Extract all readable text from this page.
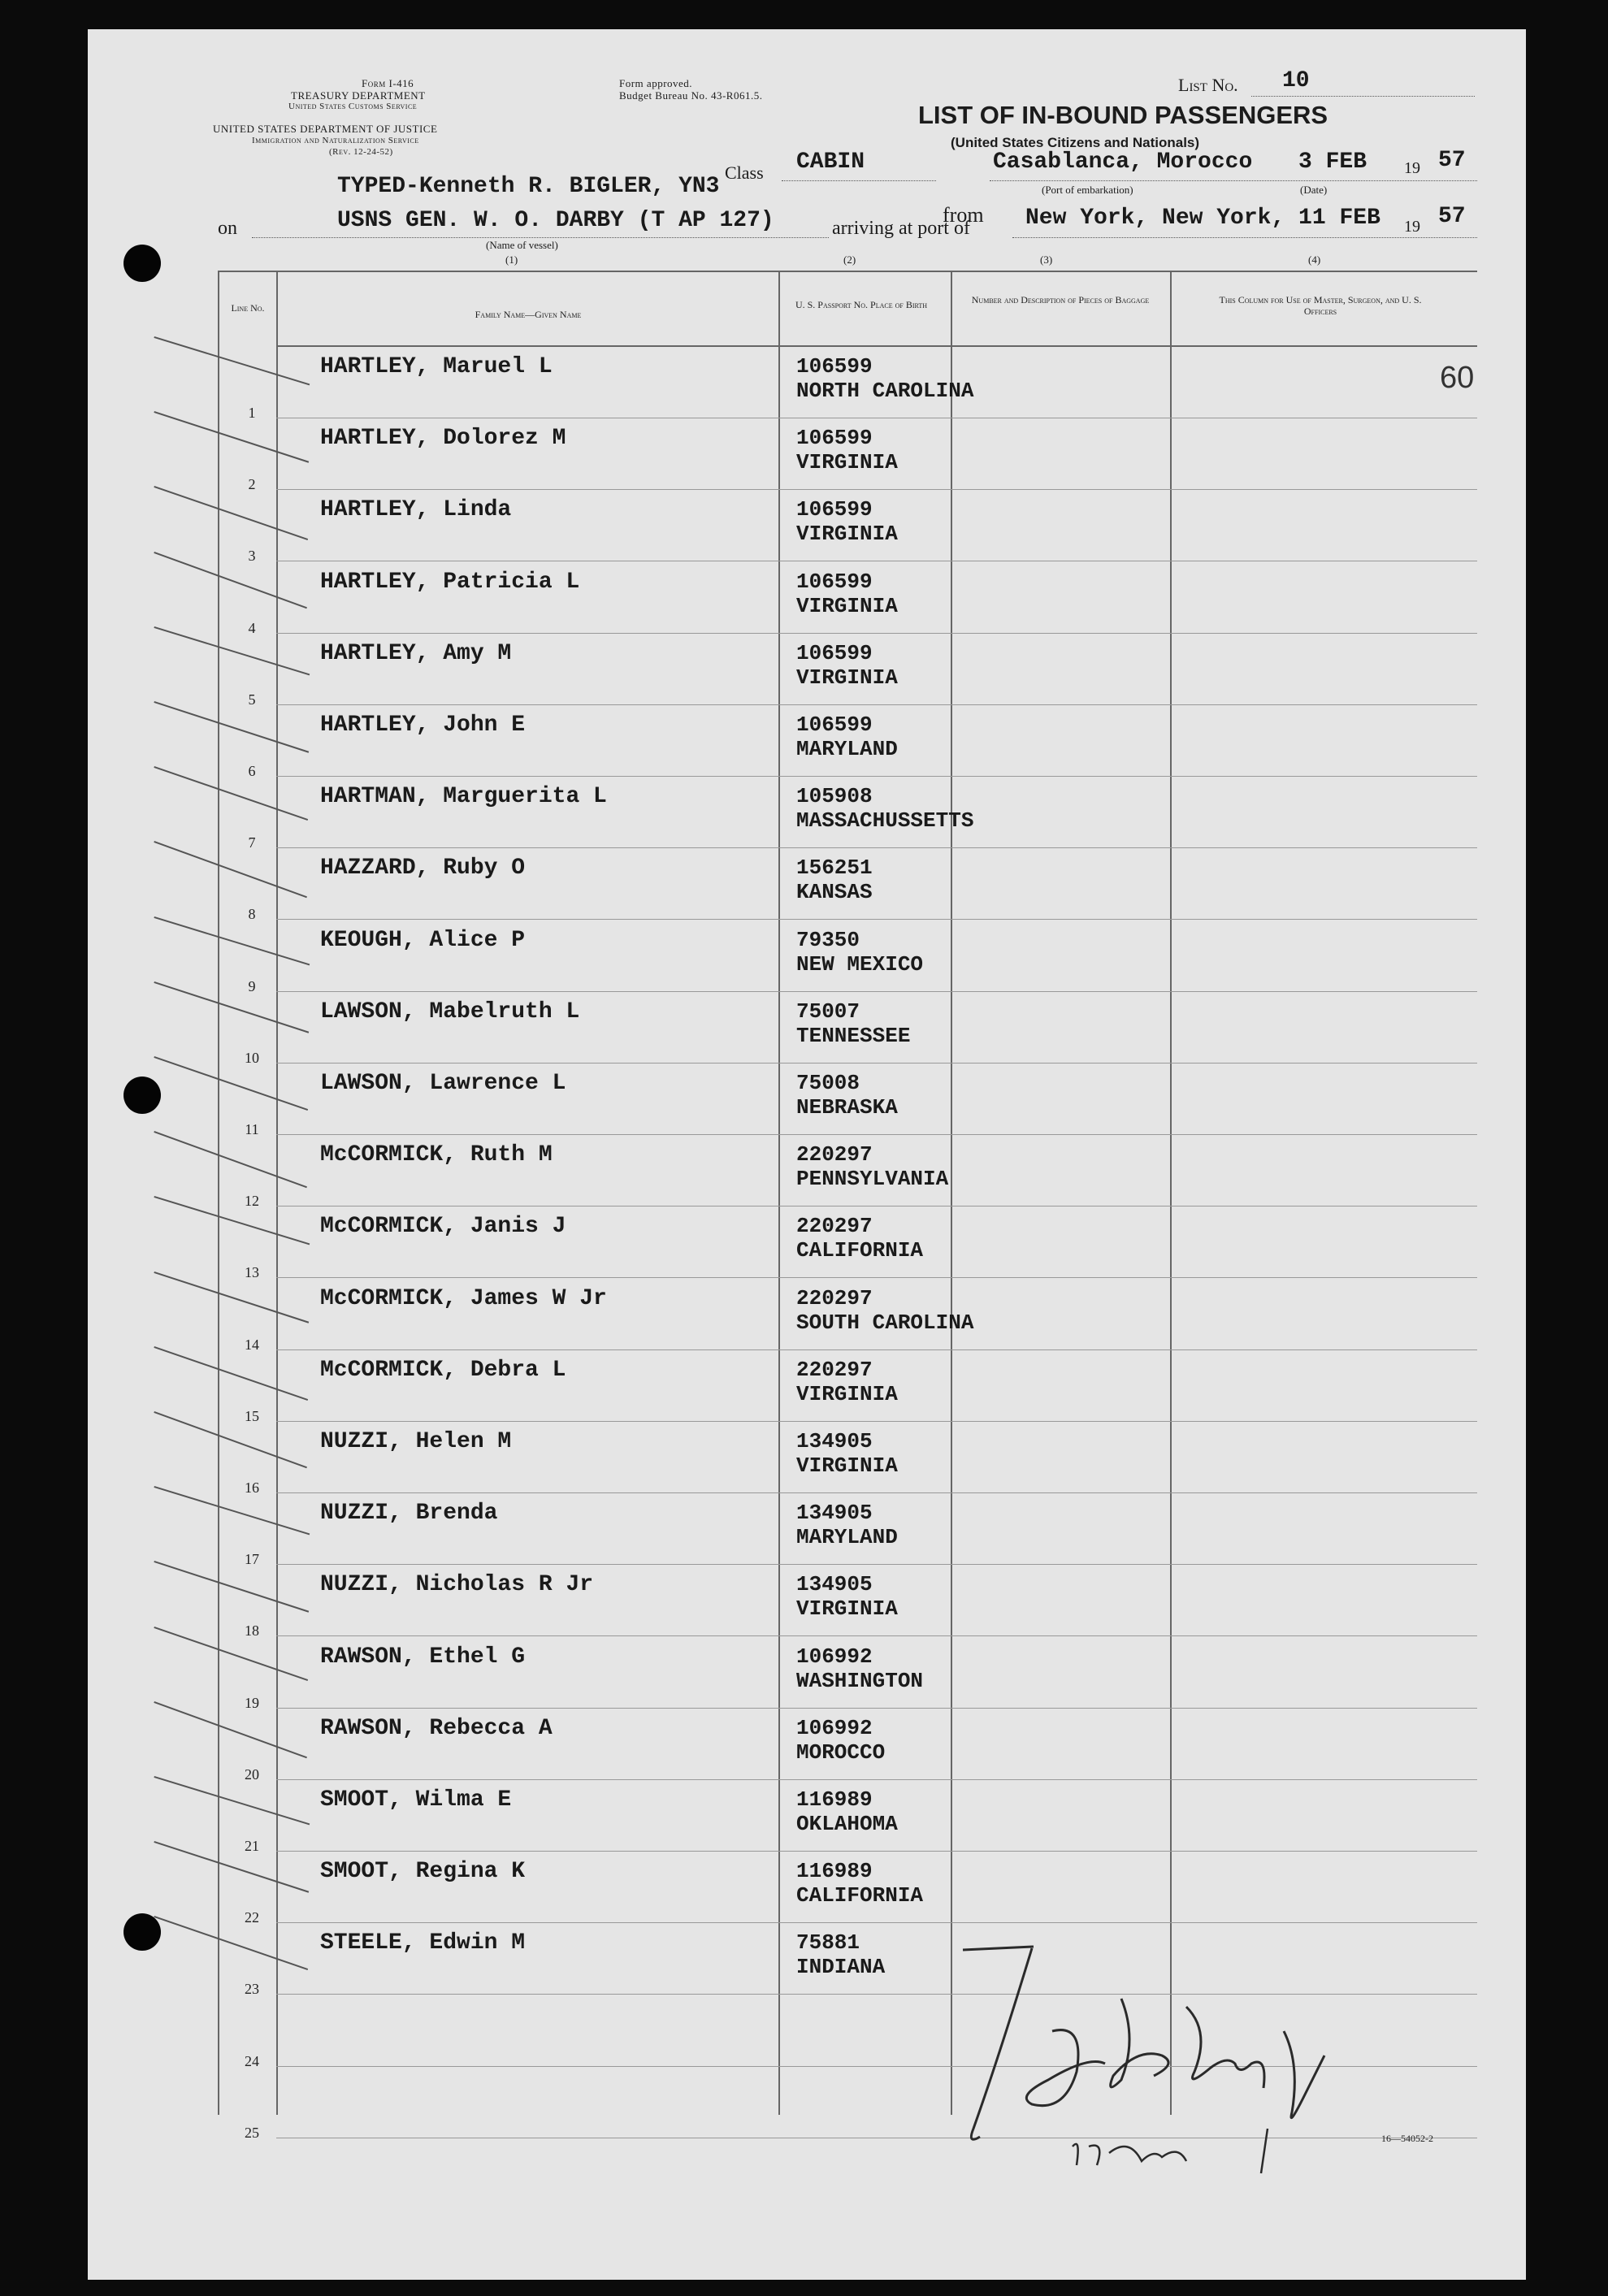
Form I-416
TREASURY DEPARTMENT
United States Customs Service
UNITED STATES DEPARTMENT OF JUSTICE
Immigration and Naturalization Service
(Rev. 12-24-52)
Form approved.
Budget Bureau No. 43-R061.5.
List No. 10
LIST OF IN-BOUND PASSENGERS
(United States Citizens and Nationals)
TYPED-Kenneth R. BIGLER, YN3
Class CABIN
from
Casablanca, Morocco 3 FEB 19 57
(Port of embarkation)	(Date)
on	USNS GEN. W. O. DARBY (T AP 127)
(Name of vessel)
arriving at port of New York, New York, 11 FEB 19 57
(1)	(2)	(3)	(4)
Line No.
Family Name—Given Name
U. S. Passport No. Place of Birth	Number and Description of Pieces of Baggage	This Column for Use of Master, Surgeon, and U. S. Officers
60
1
HARTLEY, Maruel L	106599
NORTH CAROLINA
2
HARTLEY, Dolorez M	106599
VIRGINIA
3
HARTLEY, Linda	106599
VIRGINIA
4
HARTLEY, Patricia L	106599
VIRGINIA
5
HARTLEY, Amy M	106599
VIRGINIA
6
HARTLEY, John E	106599
MARYLAND
7
HARTMAN, Marguerita L	105908
MASSACHUSSETTS
8
HAZZARD, Ruby O	156251
KANSAS
9
KEOUGH, Alice P	79350
NEW MEXICO
10
LAWSON, Mabelruth L	75007
TENNESSEE
11
LAWSON, Lawrence L	75008
NEBRASKA
12
McCORMICK, Ruth M	220297
PENNSYLVANIA
13
McCORMICK, Janis J	220297
CALIFORNIA
14
McCORMICK, James W Jr	220297
SOUTH CAROLINA
15
McCORMICK, Debra L	220297
VIRGINIA
16
NUZZI, Helen M	134905
VIRGINIA
17
NUZZI, Brenda	134905
MARYLAND
18
NUZZI, Nicholas R Jr	134905
VIRGINIA
19
RAWSON, Ethel G	106992
WASHINGTON
20
RAWSON, Rebecca A	106992
MOROCCO
21
SMOOT, Wilma E	116989
OKLAHOMA
22
SMOOT, Regina K	116989
CALIFORNIA
23
STEELE, Edwin M	75881
INDIANA
24
25	16—54052-2
